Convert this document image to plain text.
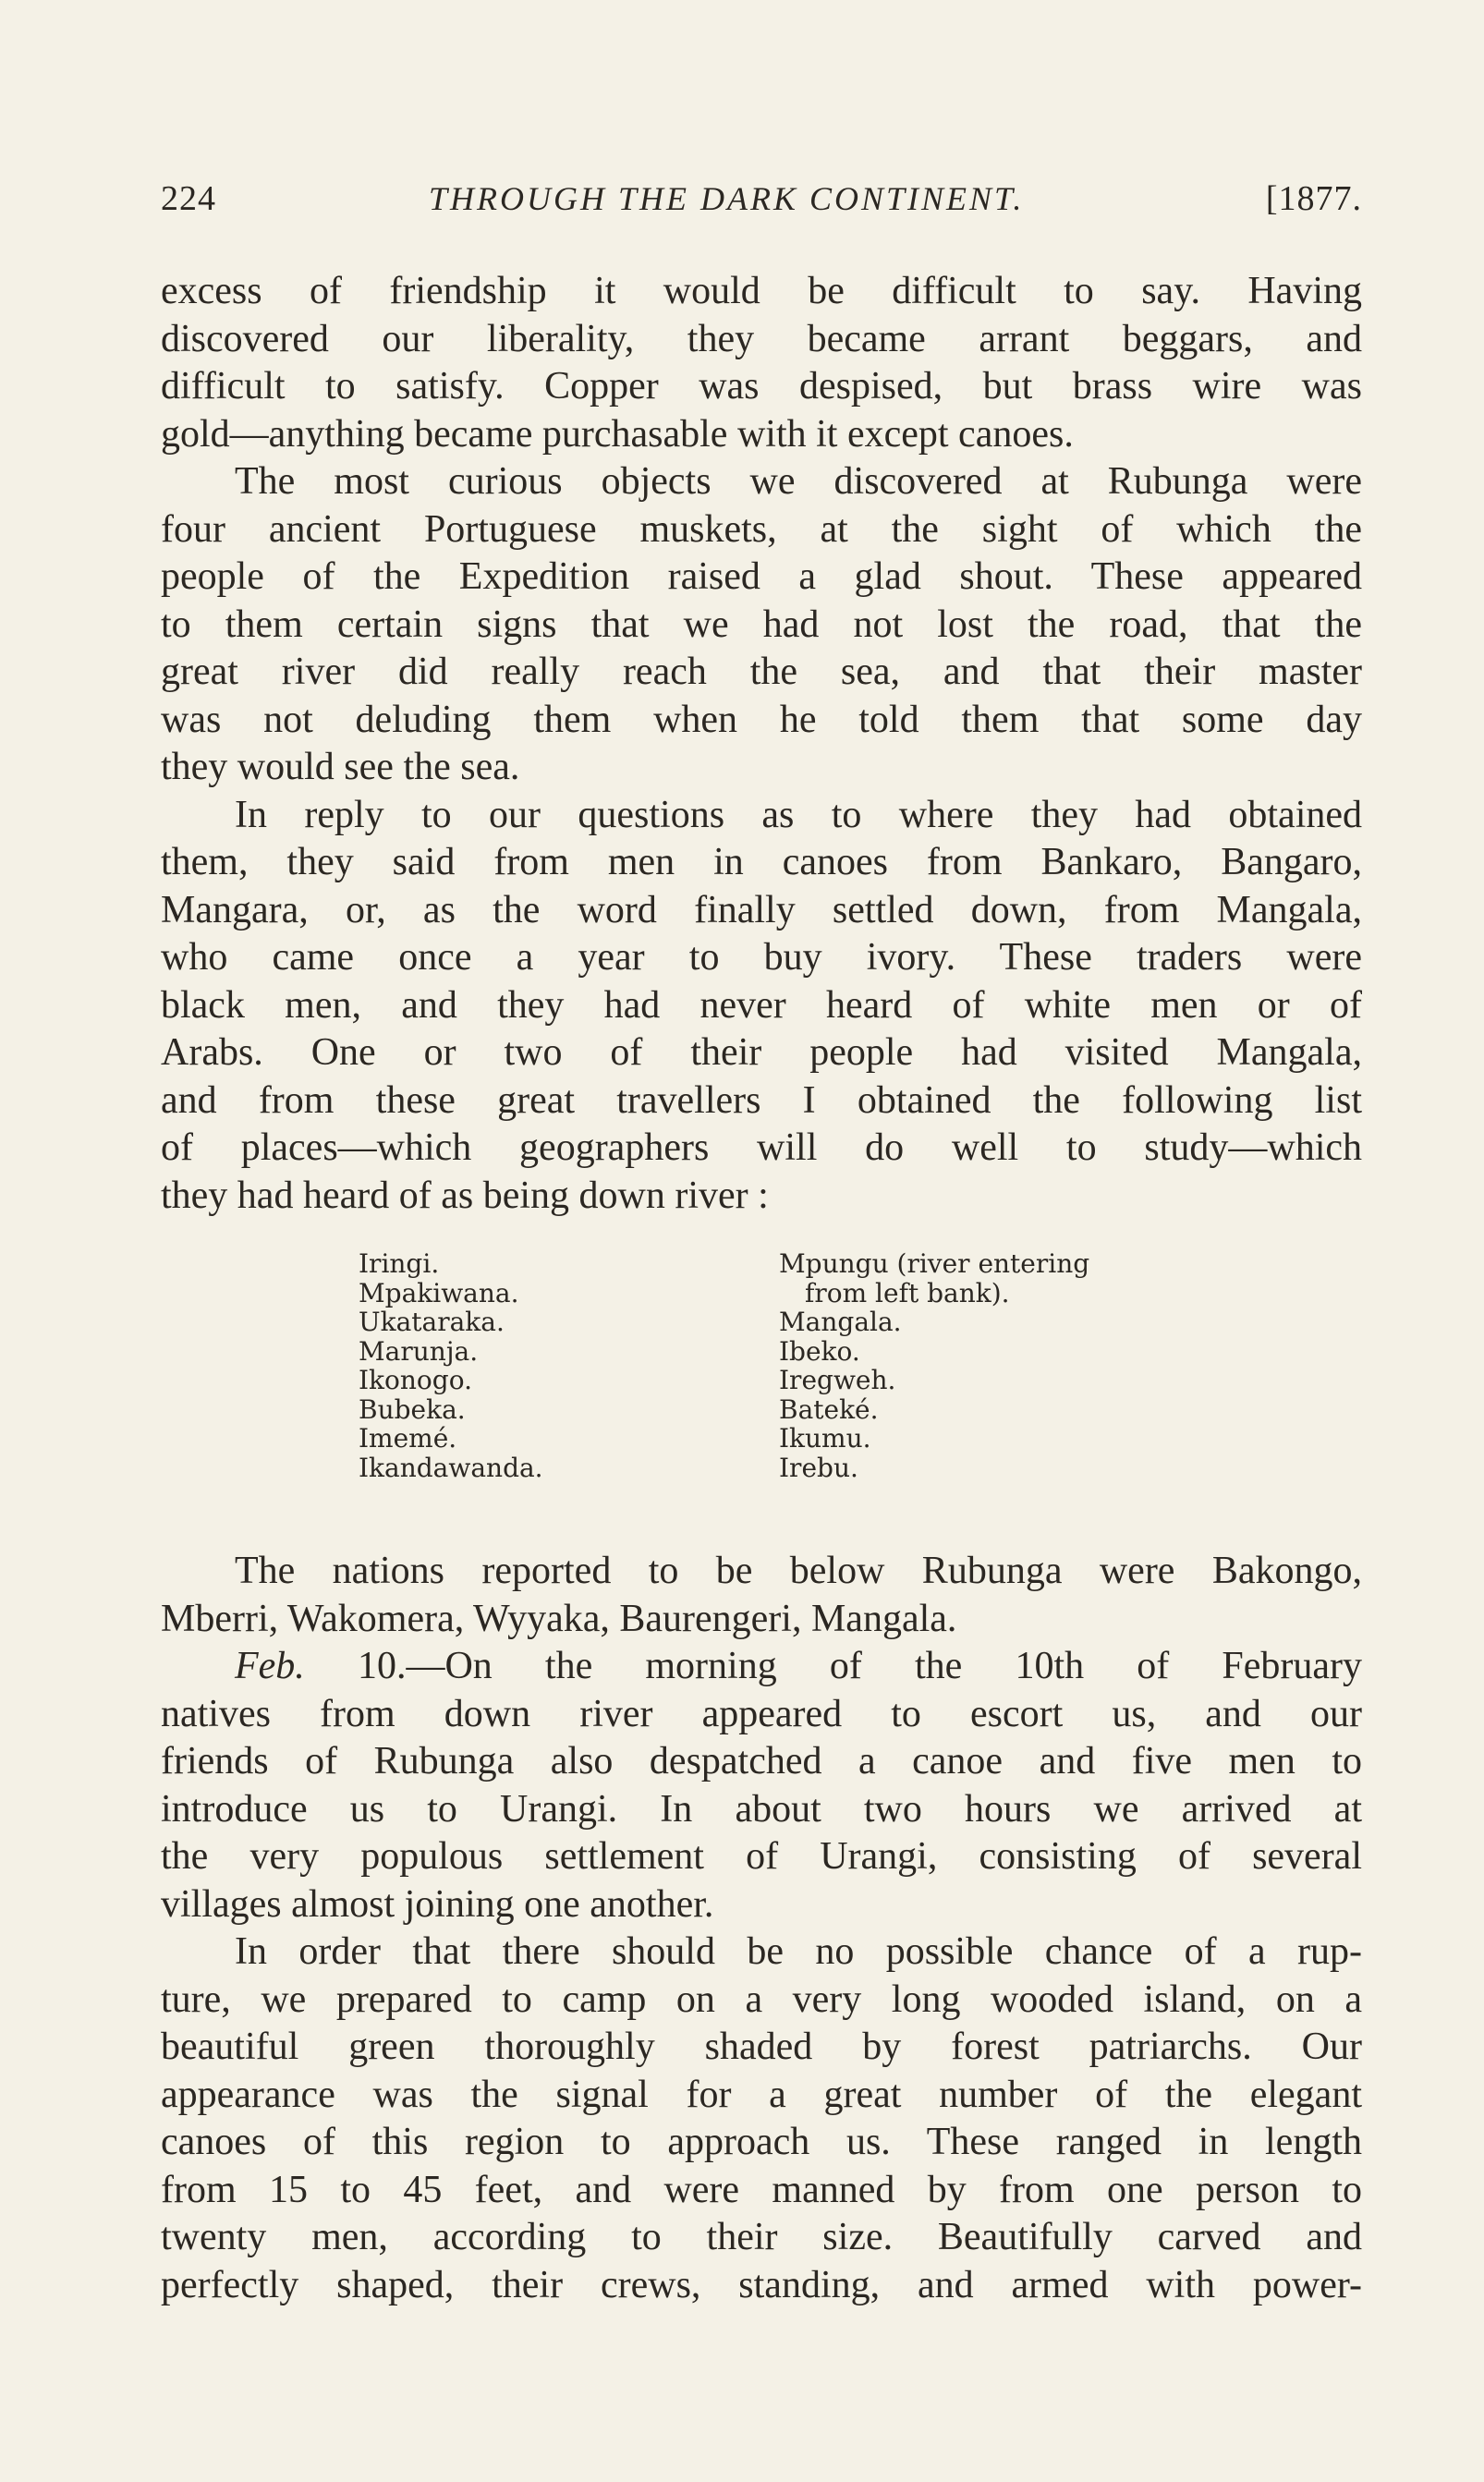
224	THROUGH THE DARK CONTINENT.	[1877.

excess of friendship it would be difficult to say. Having
discovered our liberality, they became arrant beggars, and
difficult to satisfy. Copper was despised, but brass wire was
gold—anything became purchasable with it except canoes.

The most curious objects we discovered at Rubunga were
four ancient Portuguese muskets, at the sight of which the
people of the Expedition raised a glad shout. These appeared
to them certain signs that we had not lost the road, that the
great river did really reach the sea, and that their master
was not deluding them when he told them that some day
they would see the sea.

In reply to our questions as to where they had obtained
them, they said from men in canoes from Bankaro, Bangaro,
Mangara, or, as the word finally settled down, from Mangala,
who came once a year to buy ivory. These traders were
black men, and they had never heard of white men or of
Arabs. One or two of their people had visited Mangala,
and from these great travellers I obtained the following list
of places—which geographers will do well to study—which
they had heard of as being down river :

Iringi.
Mpakiwana.
Ukataraka.
Marunja.
Ikonogo.
Bubeka.
Imemé.
Ikandawanda.
Mpungu (river entering
from left bank).
Mangala.
Ibeko.
Iregweh.
Bateké.
Ikumu.
Irebu.

The nations reported to be below Rubunga were Bakongo,
Mberri, Wakomera, Wyyaka, Baurengeri, Mangala.

Feb. 10.—On the morning of the 10th of February
natives from down river appeared to escort us, and our
friends of Rubunga also despatched a canoe and five men to
introduce us to Urangi. In about two hours we arrived at
the very populous settlement of Urangi, consisting of several
villages almost joining one another.

In order that there should be no possible chance of a rup-
ture, we prepared to camp on a very long wooded island, on a
beautiful green thoroughly shaded by forest patriarchs. Our
appearance was the signal for a great number of the elegant
canoes of this region to approach us. These ranged in length
from 15 to 45 feet, and were manned by from one person to
twenty men, according to their size. Beautifully carved and
perfectly shaped, their crews, standing, and armed with power-
